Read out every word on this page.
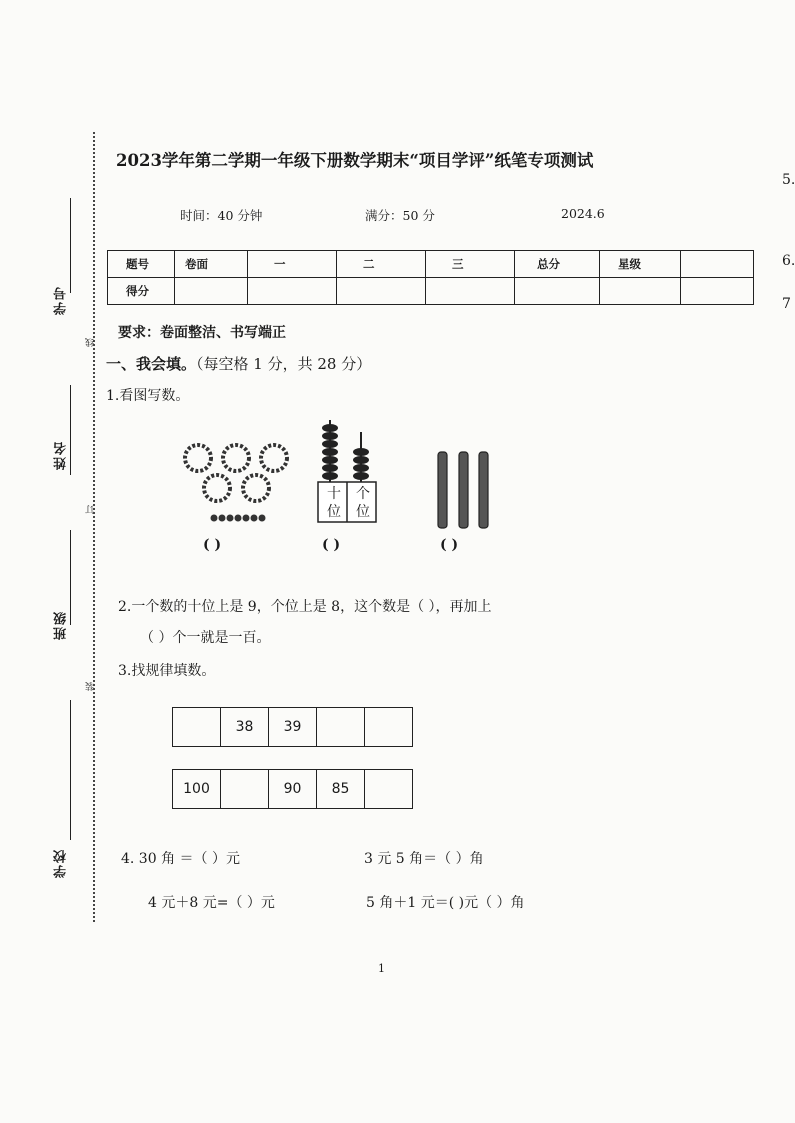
学号
线
姓名
订
班级
装
学校
5.
6.
7
2023学年第二学期一年级下册数学期末“项目学评”纸笔专项测试
时间：40 分钟	满分：50 分	2024.6
题号	卷面	一	二	三	总分	星级	
得分							
要求：卷面整洁、书写端正
一、我会填。（每空格 1 分，共 28 分）
1.看图写数。
十位
个位
( )	( )	( )
2.一个数的十位上是 9，个位上是 8，这个数是（ ），再加上
（ ）个一就是一百。
3.找规律填数。
	38	39		
100		90	85	
4. 30 角 ＝（ ）元	3 元 5 角＝（ ）角
4 元＋8 元=（ ）元	5 角＋1 元＝( )元（ ）角
1
